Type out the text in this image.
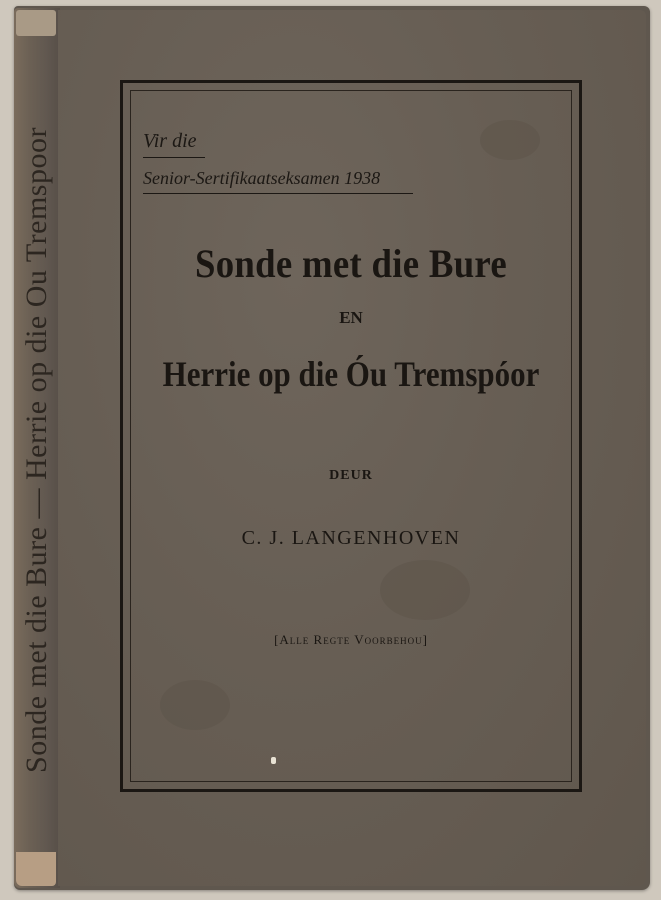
Sonde met die Bure — Herrie op die Ou Tremspoor	Vir die
Senior-Sertifikaatseksamen 1938
Sonde met die Bure
EN
Herrie op die Óu Tremspóor
DEUR
C. J. LANGENHOVEN
[Alle Regte Voorbehou]
